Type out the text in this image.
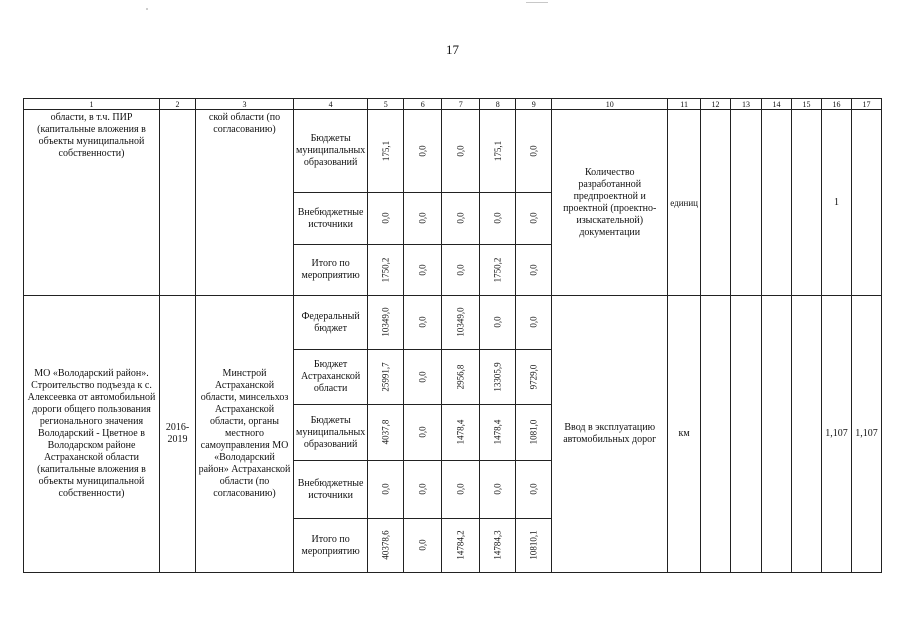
17
1	2	3	4	5	6	7	8	9	10	11	12	13	14	15	16	17
области, в т.ч. ПИР (капитальные вложения в объекты муниципальной собственности)		ской области (по согласованию)	Бюджеты муниципальных образований	175,1	0,0	0,0	175,1	0,0	Количество разработанной предпроектной и проектной (проектно-изыскательной) документации	единиц					1	
			Внебюджетные источники	0,0	0,0	0,0	0,0	0,0								
			Итого по мероприятию	1750,2	0,0	0,0	1750,2	0,0								
МО «Володарский район». Строительство подъезда к с. Алексеевка от автомобильной дороги общего пользования регионального значения Володарский - Цветное в Володарском районе Астраханской области (капитальные вложения в объекты муниципальной собственности)	2016-2019	Минстрой Астраханской области, минсельхоз Астраханской области, органы местного самоуправления МО «Володарский район» Астраханской области (по согласованию)	Федеральный бюджет	10349,0	0,0	10349,0	0,0	0,0	Ввод в эксплуатацию автомобильных дорог	км					1,107	1,107
			Бюджет Астраханской области	25991,7	0,0	2956,8	13305,9	9729,0								
			Бюджеты муниципальных образований	4037,8	0,0	1478,4	1478,4	1081,0								
			Внебюджетные источники	0,0	0,0	0,0	0,0	0,0								
			Итого по мероприятию	40378,6	0,0	14784,2	14784,3	10810,1								
